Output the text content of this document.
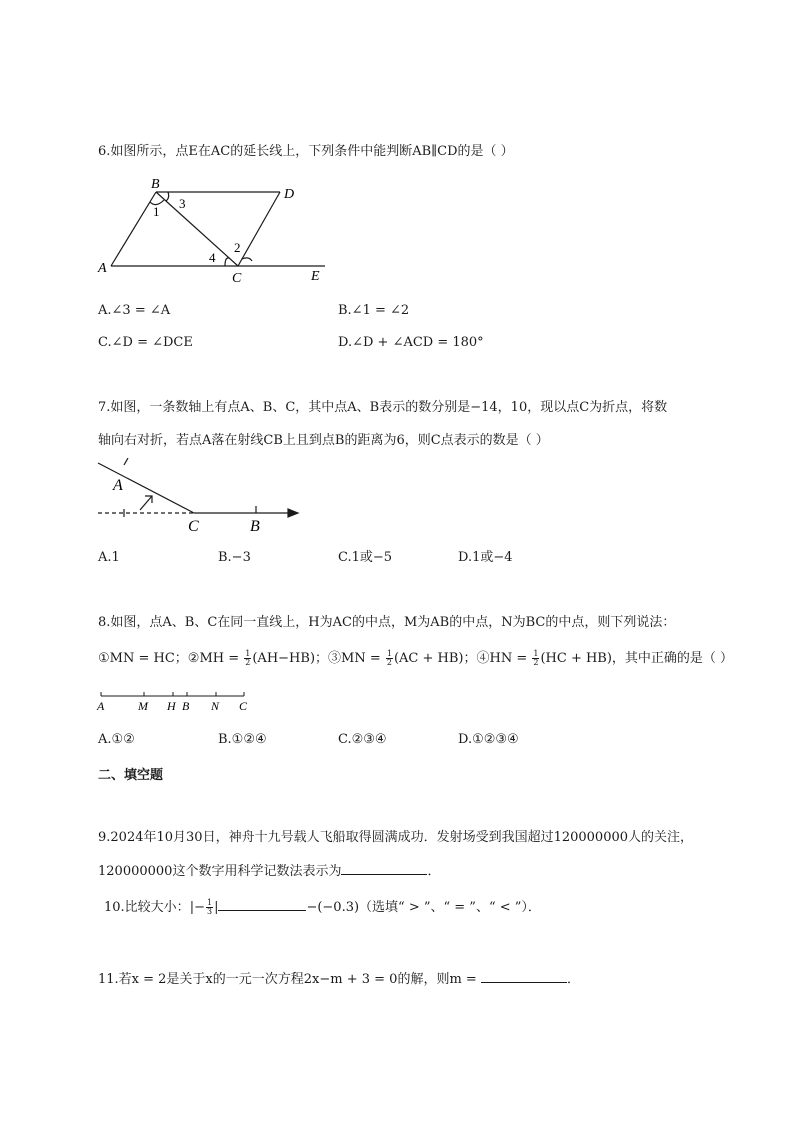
6.如图所示，点E在AC的延长线上，下列条件中能判断AB∥CD的是（ ）
B
D
A
C	E
1
2
3
4
A.∠3 = ∠A	B.∠1 = ∠2
C.∠D = ∠DCE	D.∠D + ∠ACD = 180°
7.如图，一条数轴上有点A、B、C，其中点A、B表示的数分别是−14，10，现以点C为折点，将数
轴向右对折，若点A落在射线CB上且到点B的距离为6，则C点表示的数是（ ）
A
C	B
A.1	B.−3	C.1或−5	D.1或−4
8.如图，点A、B、C在同一直线上，H为AC的中点，M为AB的中点，N为BC的中点，则下列说法：
①MN = HC；②MH = $\frac{1}{2} (AH-HB)$；③MN = $\frac{1}{2} (AC + HB)$；④HN = $\frac{1}{2} (HC + HB)$，其中正确的是（ ）
A	M H B N C
A.①②	B.①②④	C.②③④	D.①②③④
二、填空题
9.2024年10月30日，神舟十九号载人飞船取得圆满成功．发射场受到我国超过120000000人的关注，
120000000这个数字用科学记数法表示为	．
10.比较大小：|− $\frac{1}{3}$ |	−(−0.3)（选填“ > ”、“ = ”、“ < ”）．
11.若x = 2是关于x的一元一次方程2x−m + 3 = 0的解，则m =	．
